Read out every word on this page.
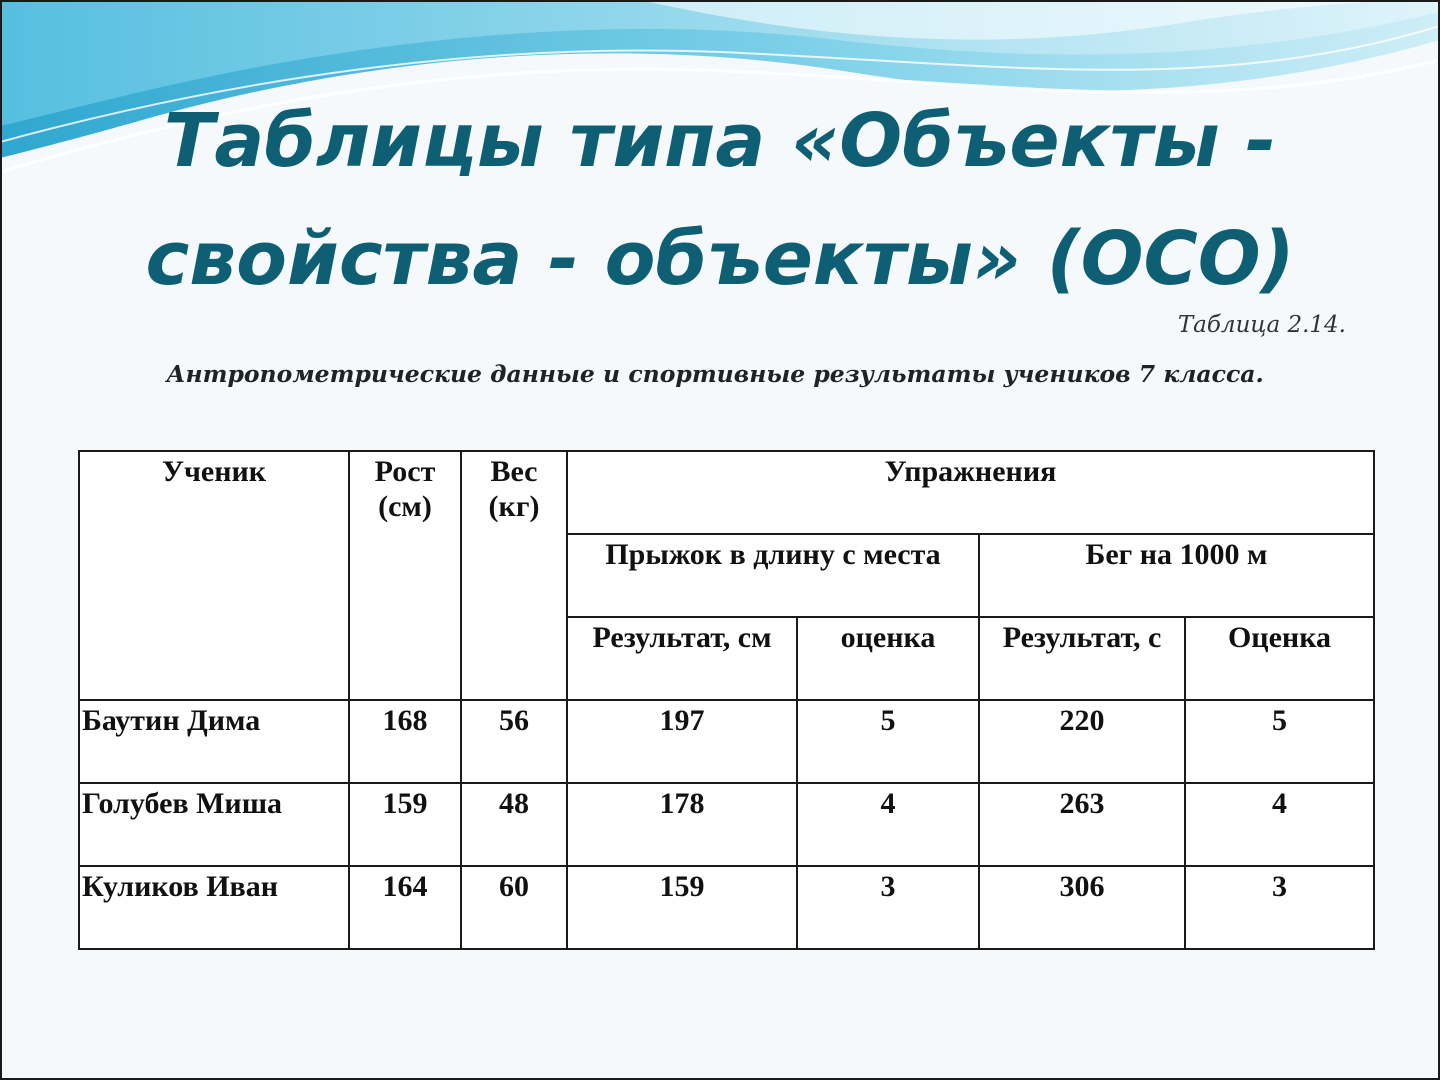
Таблицы типа «Объекты -
свойства - объекты» (ОСО)
Таблица 2.14.
Антропометрические данные и спортивные результаты учеников 7 класса.
Ученик	Рост (см)	Вес (кг)	Упражнения			
			Прыжок в длину с места		Бег на 1000 м	
			Результат, см	оценка	Результат, с	Оценка
Баутин Дима	168	56	197	5	220	5
Голубев Миша	159	48	178	4	263	4
Куликов Иван	164	60	159	3	306	3
